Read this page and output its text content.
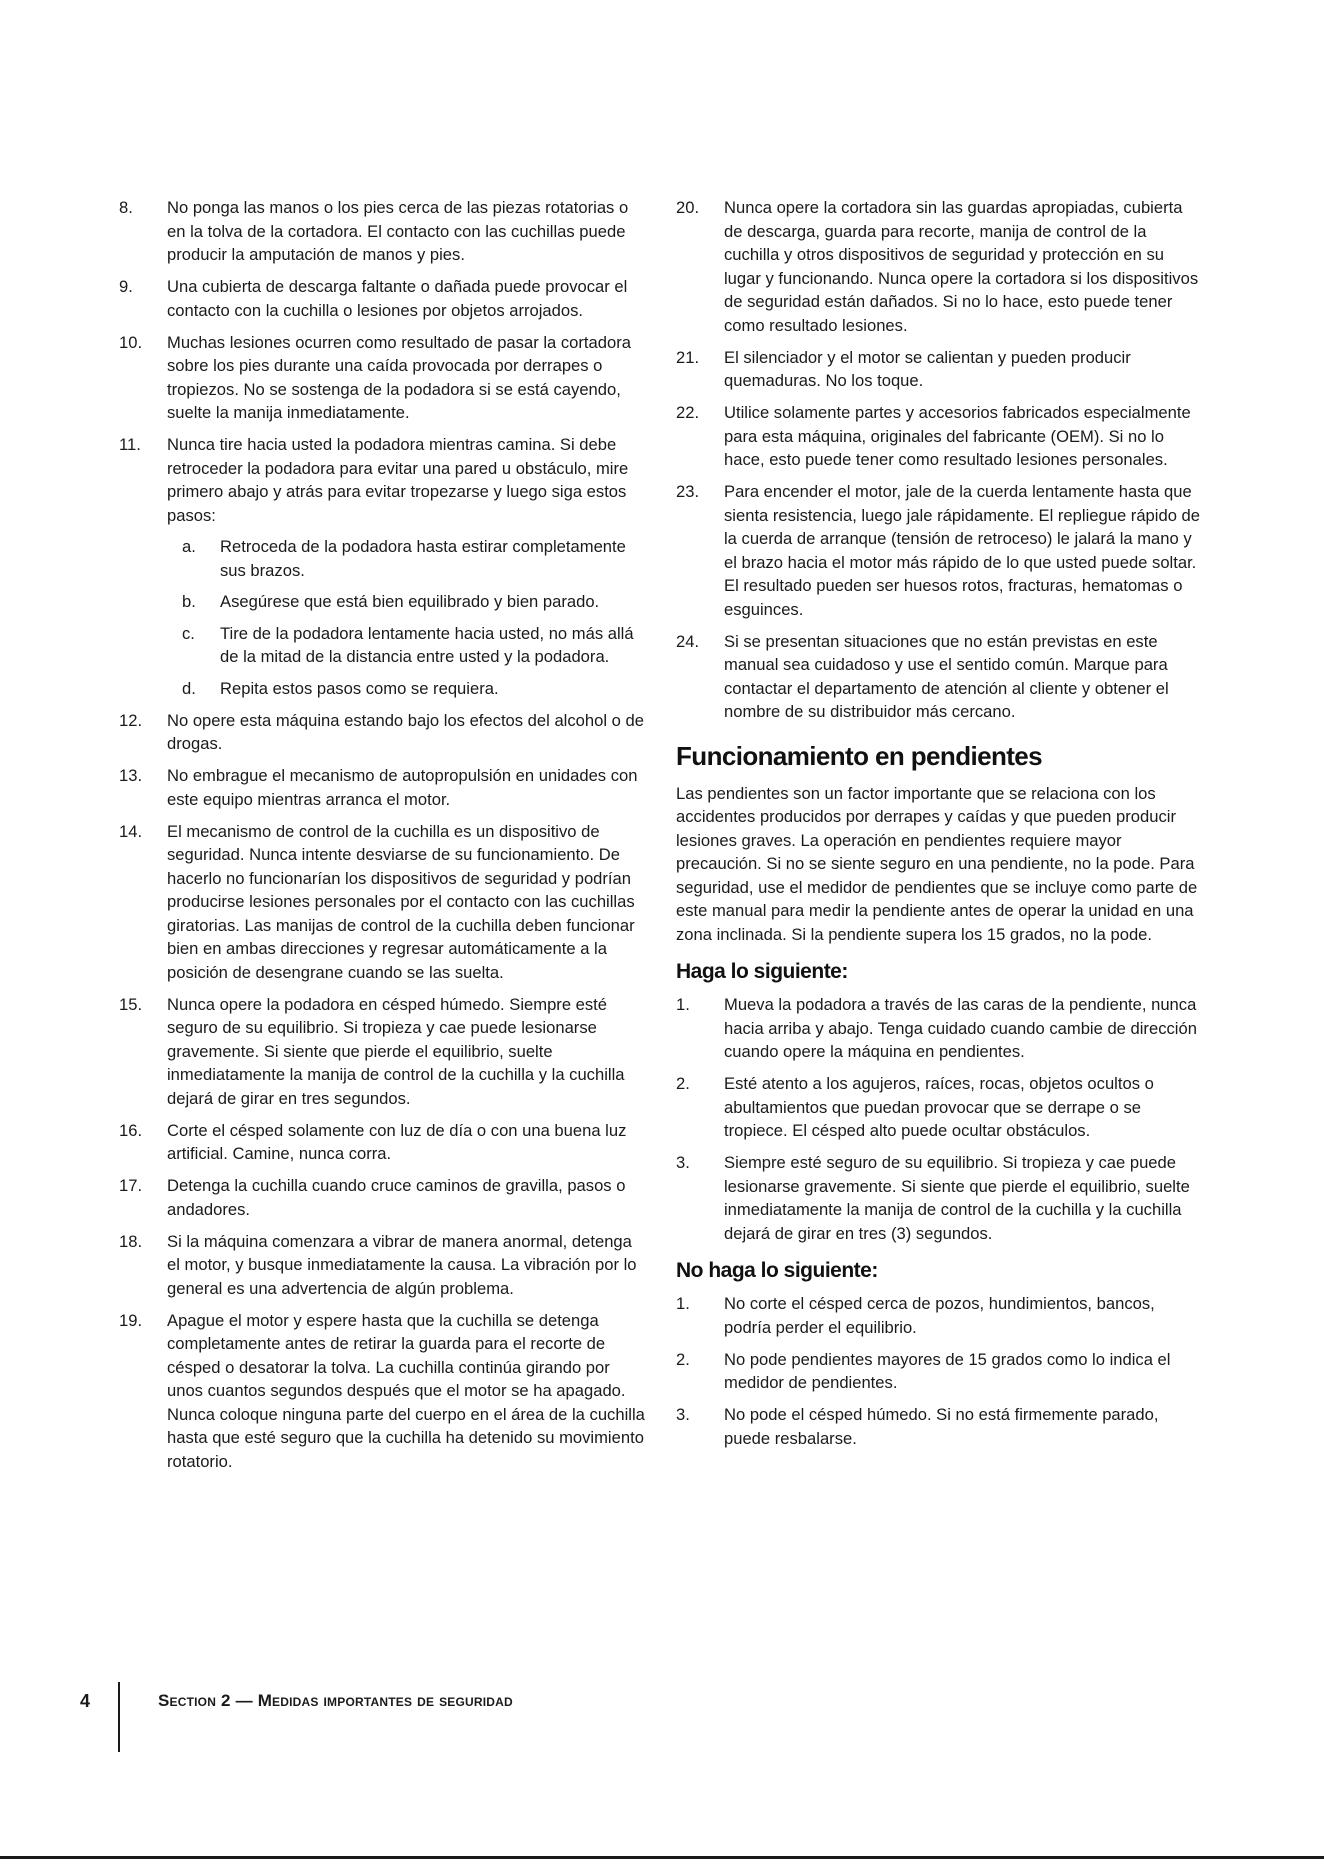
8. No ponga las manos o los pies cerca de las piezas rotatorias o en la tolva de la cortadora. El contacto con las cuchillas puede producir la amputación de manos y pies.
9. Una cubierta de descarga faltante o dañada puede provocar el contacto con la cuchilla o lesiones por objetos arrojados.
10. Muchas lesiones ocurren como resultado de pasar la cortadora sobre los pies durante una caída provocada por derrapes o tropiezos. No se sostenga de la podadora si se está cayendo, suelte la manija inmediatamente.
11. Nunca tire hacia usted la podadora mientras camina. Si debe retroceder la podadora para evitar una pared u obstáculo, mire primero abajo y atrás para evitar tropezarse y luego siga estos pasos:
a. Retroceda de la podadora hasta estirar completamente sus brazos.
b. Asegúrese que está bien equilibrado y bien parado.
c. Tire de la podadora lentamente hacia usted, no más allá de la mitad de la distancia entre usted y la podadora.
d. Repita estos pasos como se requiera.
12. No opere esta máquina estando bajo los efectos del alcohol o de drogas.
13. No embrague el mecanismo de autopropulsión en unidades con este equipo mientras arranca el motor.
14. El mecanismo de control de la cuchilla es un dispositivo de seguridad. Nunca intente desviarse de su funcionamiento. De hacerlo no funcionarían los dispositivos de seguridad y podrían producirse lesiones personales por el contacto con las cuchillas giratorias. Las manijas de control de la cuchilla deben funcionar bien en ambas direcciones y regresar automáticamente a la posición de desengrane cuando se las suelta.
15. Nunca opere la podadora en césped húmedo. Siempre esté seguro de su equilibrio. Si tropieza y cae puede lesionarse gravemente. Si siente que pierde el equilibrio, suelte inmediatamente la manija de control de la cuchilla y la cuchilla dejará de girar en tres segundos.
16. Corte el césped solamente con luz de día o con una buena luz artificial. Camine, nunca corra.
17. Detenga la cuchilla cuando cruce caminos de gravilla, pasos o andadores.
18. Si la máquina comenzara a vibrar de manera anormal, detenga el motor, y busque inmediatamente la causa. La vibración por lo general es una advertencia de algún problema.
19. Apague el motor y espere hasta que la cuchilla se detenga completamente antes de retirar la guarda para el recorte de césped o desatorar la tolva. La cuchilla continúa girando por unos cuantos segundos después que el motor se ha apagado. Nunca coloque ninguna parte del cuerpo en el área de la cuchilla hasta que esté seguro que la cuchilla ha detenido su movimiento rotatorio.
20. Nunca opere la cortadora sin las guardas apropiadas, cubierta de descarga, guarda para recorte, manija de control de la cuchilla y otros dispositivos de seguridad y protección en su lugar y funcionando. Nunca opere la cortadora si los dispositivos de seguridad están dañados. Si no lo hace, esto puede tener como resultado lesiones.
21. El silenciador y el motor se calientan y pueden producir quemaduras. No los toque.
22. Utilice solamente partes y accesorios fabricados especialmente para esta máquina, originales del fabricante (OEM). Si no lo hace, esto puede tener como resultado lesiones personales.
23. Para encender el motor, jale de la cuerda lentamente hasta que sienta resistencia, luego jale rápidamente. El repliegue rápido de la cuerda de arranque (tensión de retroceso) le jalará la mano y el brazo hacia el motor más rápido de lo que usted puede soltar. El resultado pueden ser huesos rotos, fracturas, hematomas o esguinces.
24. Si se presentan situaciones que no están previstas en este manual sea cuidadoso y use el sentido común. Marque para contactar el departamento de atención al cliente y obtener el nombre de su distribuidor más cercano.
Funcionamiento en pendientes

Las pendientes son un factor importante que se relaciona con los accidentes producidos por derrapes y caídas y que pueden producir lesiones graves. La operación en pendientes requiere mayor precaución. Si no se siente seguro en una pendiente, no la pode. Para seguridad, use el medidor de pendientes que se incluye como parte de este manual para medir la pendiente antes de operar la unidad en una zona inclinada. Si la pendiente supera los 15 grados, no la pode.

Haga lo siguiente:
1. Mueva la podadora a través de las caras de la pendiente, nunca hacia arriba y abajo. Tenga cuidado cuando cambie de dirección cuando opere la máquina en pendientes.
2. Esté atento a los agujeros, raíces, rocas, objetos ocultos o abultamientos que puedan provocar que se derrape o se tropiece. El césped alto puede ocultar obstáculos.
3. Siempre esté seguro de su equilibrio. Si tropieza y cae puede lesionarse gravemente. Si siente que pierde el equilibrio, suelte inmediatamente la manija de control de la cuchilla y la cuchilla dejará de girar en tres (3) segundos.
No haga lo siguiente:
1. No corte el césped cerca de pozos, hundimientos, bancos, podría perder el equilibrio.
2. No pode pendientes mayores de 15 grados como lo indica el medidor de pendientes.
3. No pode el césped húmedo. Si no está firmemente parado, puede resbalarse.
4	Section 2 — Medidas importantes de seguridad
